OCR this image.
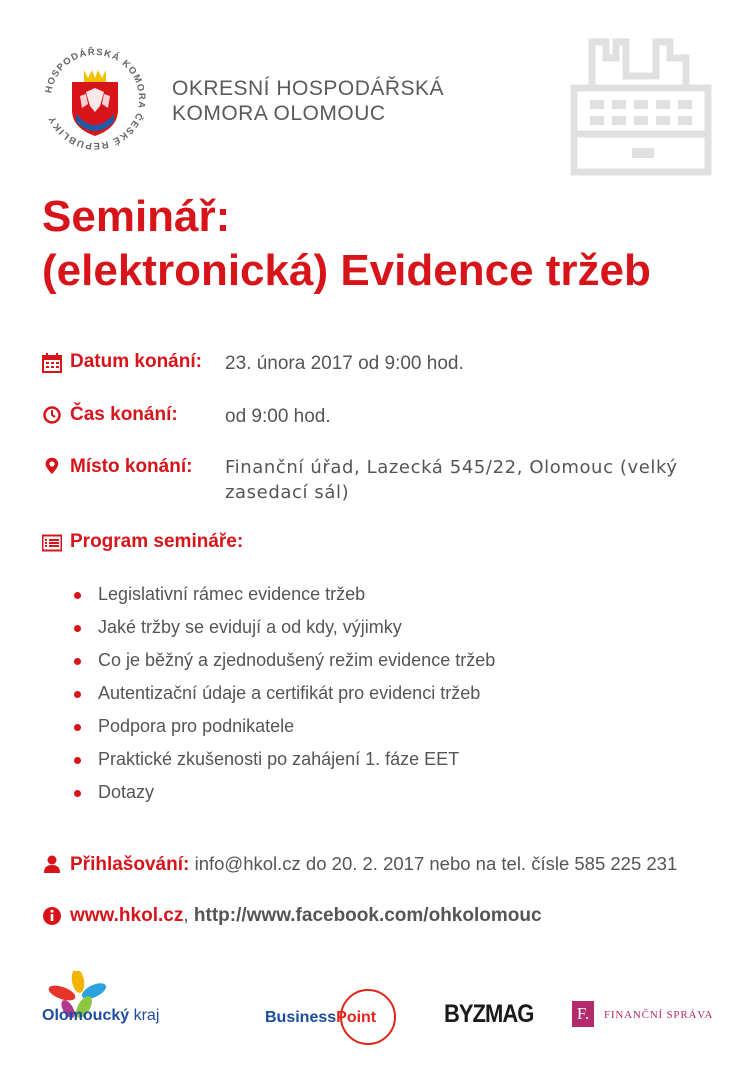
HOSPODÁŘSKÁ KOMORA ČESKÉ REPUBLIKY
OKRESNÍ HOSPODÁŘSKÁ
KOMORA OLOMOUC
Seminář:
(elektronická) Evidence tržeb
Datum konání: 23. února 2017 od 9:00 hod.
Čas konání: od 9:00 hod.
Místo konání: Finanční úřad, Lazecká 545/22, Olomouc (velký
zasedací sál)
Program semináře:
Legislativní rámec evidence tržeb
Jaké tržby se evidují a od kdy, výjimky
Co je běžný a zjednodušený režim evidence tržeb
Autentizační údaje a certifikát pro evidenci tržeb
Podpora pro podnikatele
Praktické zkušenosti po zahájení 1. fáze EET
Dotazy
Přihlašování: info@hkol.cz do 20. 2. 2017 nebo na tel. čísle 585 225 231
www.hkol.cz, http://www.facebook.com/ohkolomouc
Olomoucký kraj	BusinessPoint	BYZMAG	F.	FINANČNÍ SPRÁVA
